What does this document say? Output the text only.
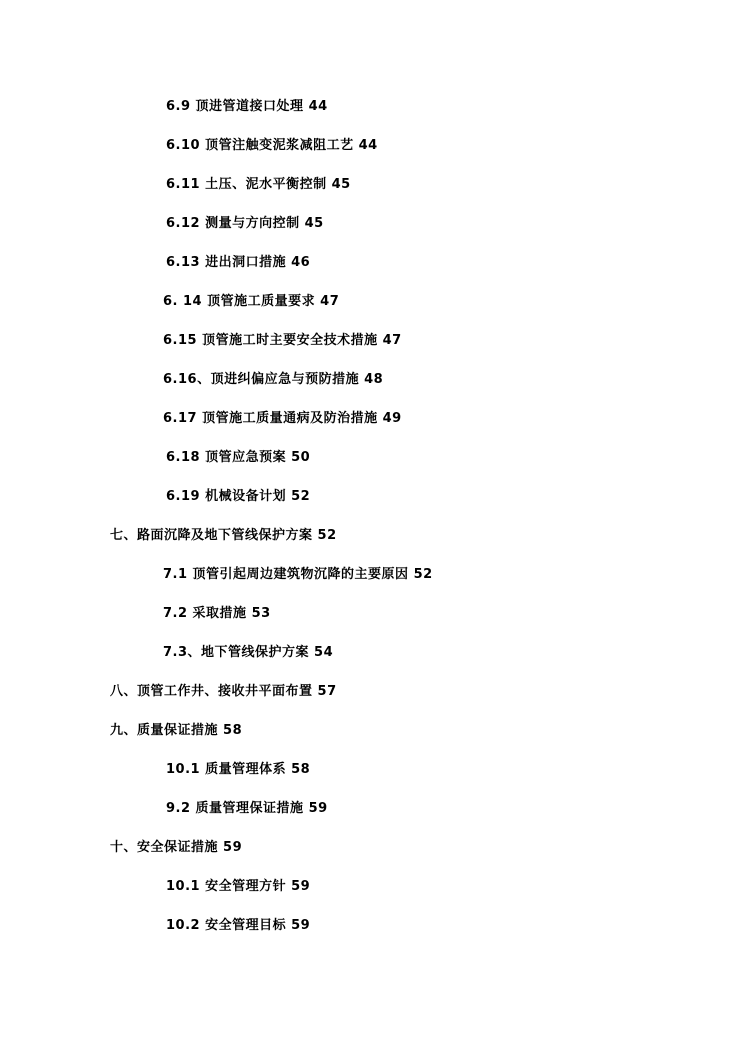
6.9 顶进管道接口处理 44
6.10 顶管注触变泥浆减阻工艺 44
6.11 土压、泥水平衡控制 45
6.12 测量与方向控制 45
6.13 进出洞口措施 46
6. 14 顶管施工质量要求 47
6.15 顶管施工时主要安全技术措施 47
6.16、顶进纠偏应急与预防措施 48
6.17 顶管施工质量通病及防治措施 49
6.18 顶管应急预案 50
6.19 机械设备计划 52
七、路面沉降及地下管线保护方案 52
7.1 顶管引起周边建筑物沉降的主要原因 52
7.2 采取措施 53
7.3、地下管线保护方案 54
八、顶管工作井、接收井平面布置 57
九、质量保证措施 58
10.1 质量管理体系 58
9.2 质量管理保证措施 59
十、安全保证措施 59
10.1 安全管理方针 59
10.2 安全管理目标 59
